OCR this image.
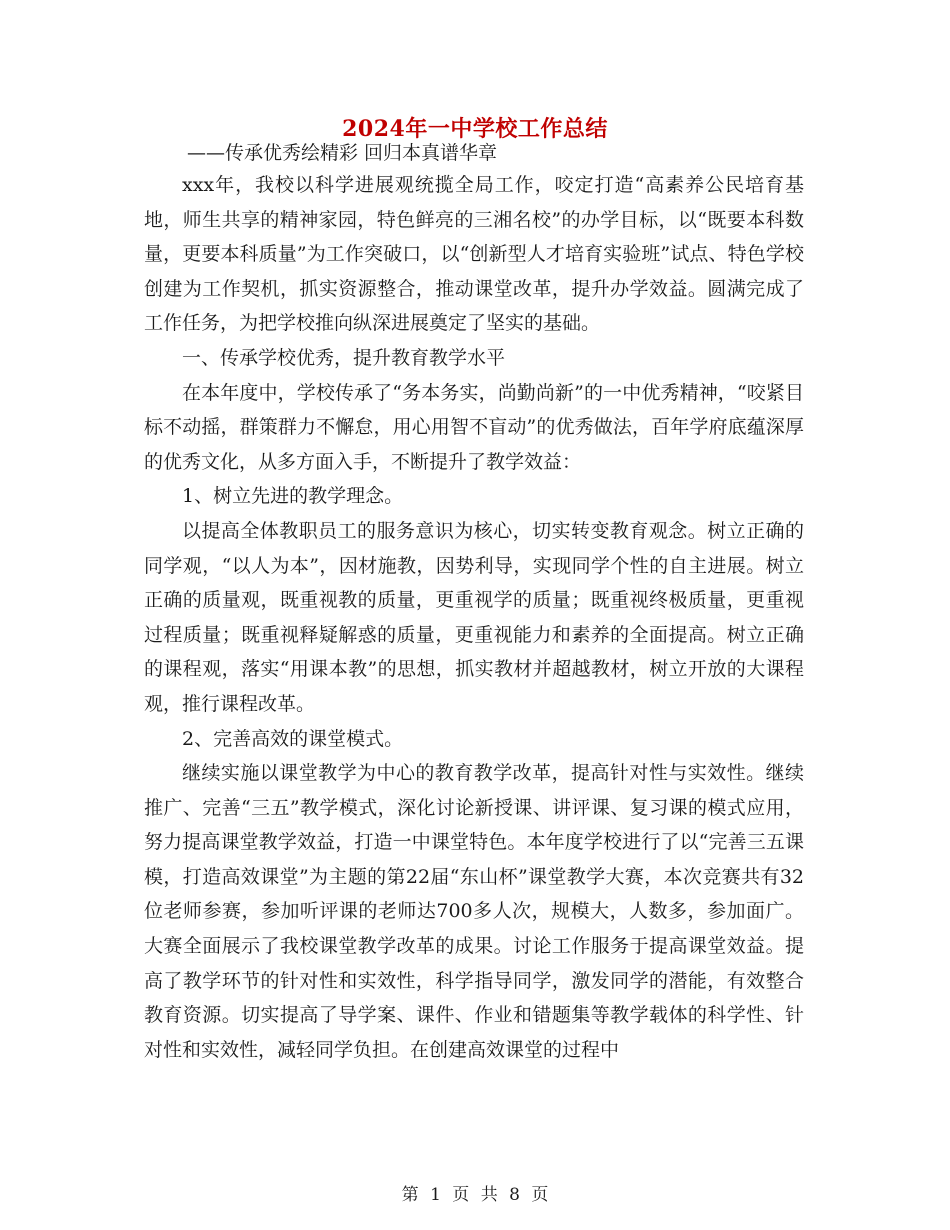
2024年一中学校工作总结
——传承优秀绘精彩 回归本真谱华章

xxx年，我校以科学进展观统揽全局工作，咬定打造“高素养公民培育基地，师生共享的精神家园，特色鲜亮的三湘名校”的办学目标，以“既要本科数量，更要本科质量”为工作突破口，以“创新型人才培育实验班”试点、特色学校创建为工作契机，抓实资源整合，推动课堂改革，提升办学效益。圆满完成了工作任务，为把学校推向纵深进展奠定了坚实的基础。

一、传承学校优秀，提升教育教学水平

在本年度中，学校传承了“务本务实，尚勤尚新”的一中优秀精神，“咬紧目标不动摇，群策群力不懈怠，用心用智不盲动”的优秀做法，百年学府底蕴深厚的优秀文化，从多方面入手，不断提升了教学效益：

1、树立先进的教学理念。

以提高全体教职员工的服务意识为核心，切实转变教育观念。树立正确的同学观，“以人为本”，因材施教，因势利导，实现同学个性的自主进展。树立正确的质量观，既重视教的质量，更重视学的质量；既重视终极质量，更重视过程质量；既重视释疑解惑的质量，更重视能力和素养的全面提高。树立正确的课程观，落实“用课本教”的思想，抓实教材并超越教材，树立开放的大课程观，推行课程改革。

2、完善高效的课堂模式。

继续实施以课堂教学为中心的教育教学改革，提高针对性与实效性。继续推广、完善“三五”教学模式，深化讨论新授课、讲评课、复习课的模式应用，努力提高课堂教学效益，打造一中课堂特色。本年度学校进行了以“完善三五课模，打造高效课堂”为主题的第22届“东山杯”课堂教学大赛，本次竞赛共有32位老师参赛，参加听评课的老师达700多人次，规模大，人数多，参加面广。大赛全面展示了我校课堂教学改革的成果。讨论工作服务于提高课堂效益。提高了教学环节的针对性和实效性，科学指导同学，激发同学的潜能，有效整合教育资源。切实提高了导学案、课件、作业和错题集等教学载体的科学性、针对性和实效性，减轻同学负担。在创建高效课堂的过程中

第 1 页 共 8 页
